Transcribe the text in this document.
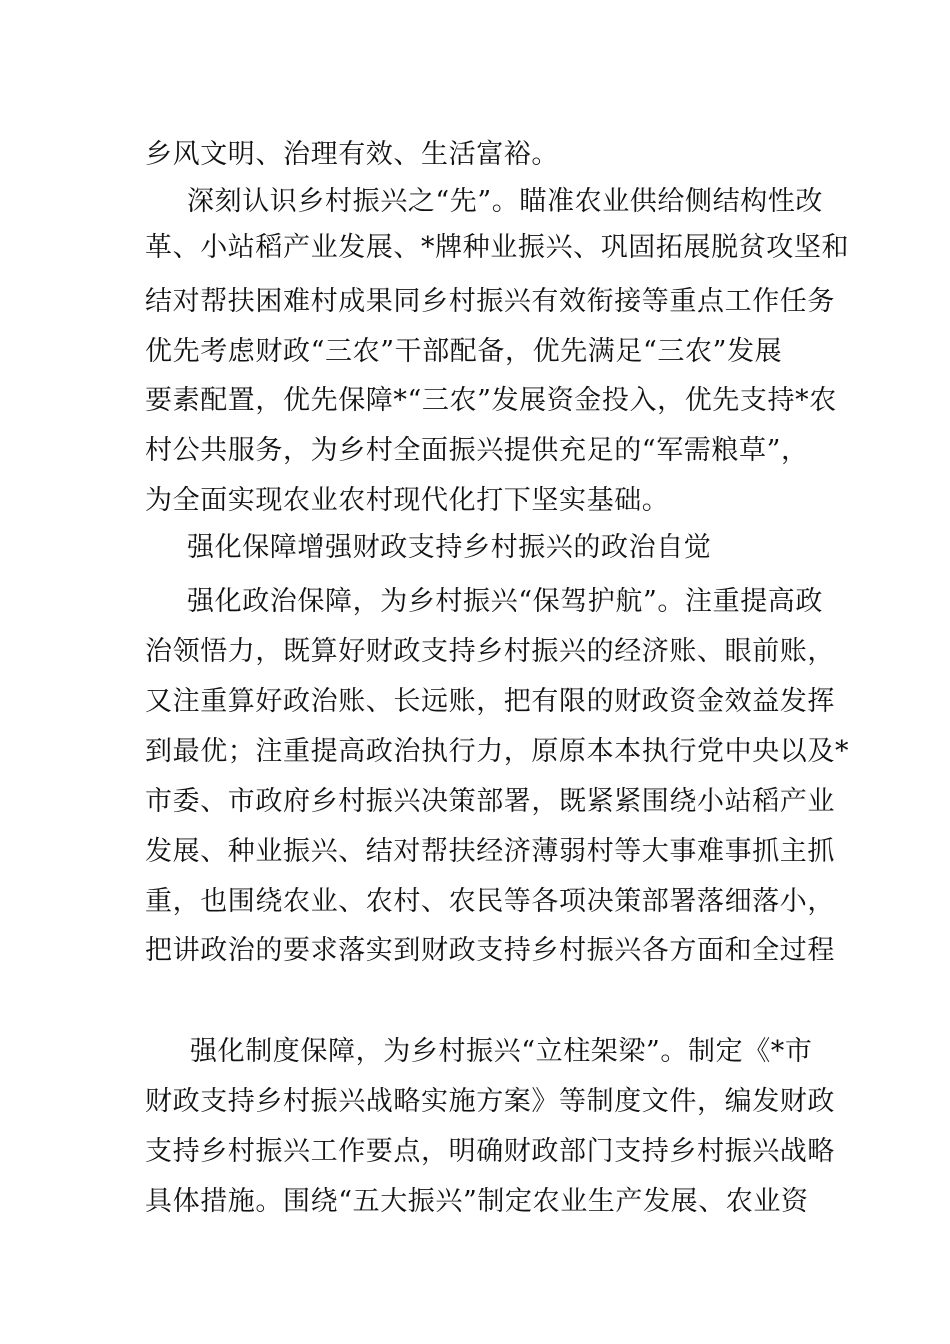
乡风文明、治理有效、生活富裕。

深刻认识乡村振兴之“先”。瞄准农业供给侧结构性改

革、小站稻产业发展、*牌种业振兴、巩固拓展脱贫攻坚和

结对帮扶困难村成果同乡村振兴有效衔接等重点工作任务

优先考虑财政“三农”干部配备，优先满足“三农”发展

要素配置，优先保障*“三农”发展资金投入，优先支持*农

村公共服务，为乡村全面振兴提供充足的“军需粮草”，

为全面实现农业农村现代化打下坚实基础。

强化保障增强财政支持乡村振兴的政治自觉

强化政治保障，为乡村振兴“保驾护航”。注重提高政

治领悟力，既算好财政支持乡村振兴的经济账、眼前账，

又注重算好政治账、长远账，把有限的财政资金效益发挥

到最优；注重提高政治执行力，原原本本执行党中央以及*

市委、市政府乡村振兴决策部署，既紧紧围绕小站稻产业

发展、种业振兴、结对帮扶经济薄弱村等大事难事抓主抓

重，也围绕农业、农村、农民等各项决策部署落细落小，

把讲政治的要求落实到财政支持乡村振兴各方面和全过程

强化制度保障，为乡村振兴“立柱架梁”。制定《*市

财政支持乡村振兴战略实施方案》等制度文件，编发财政

支持乡村振兴工作要点，明确财政部门支持乡村振兴战略

具体措施。围绕“五大振兴”制定农业生产发展、农业资
